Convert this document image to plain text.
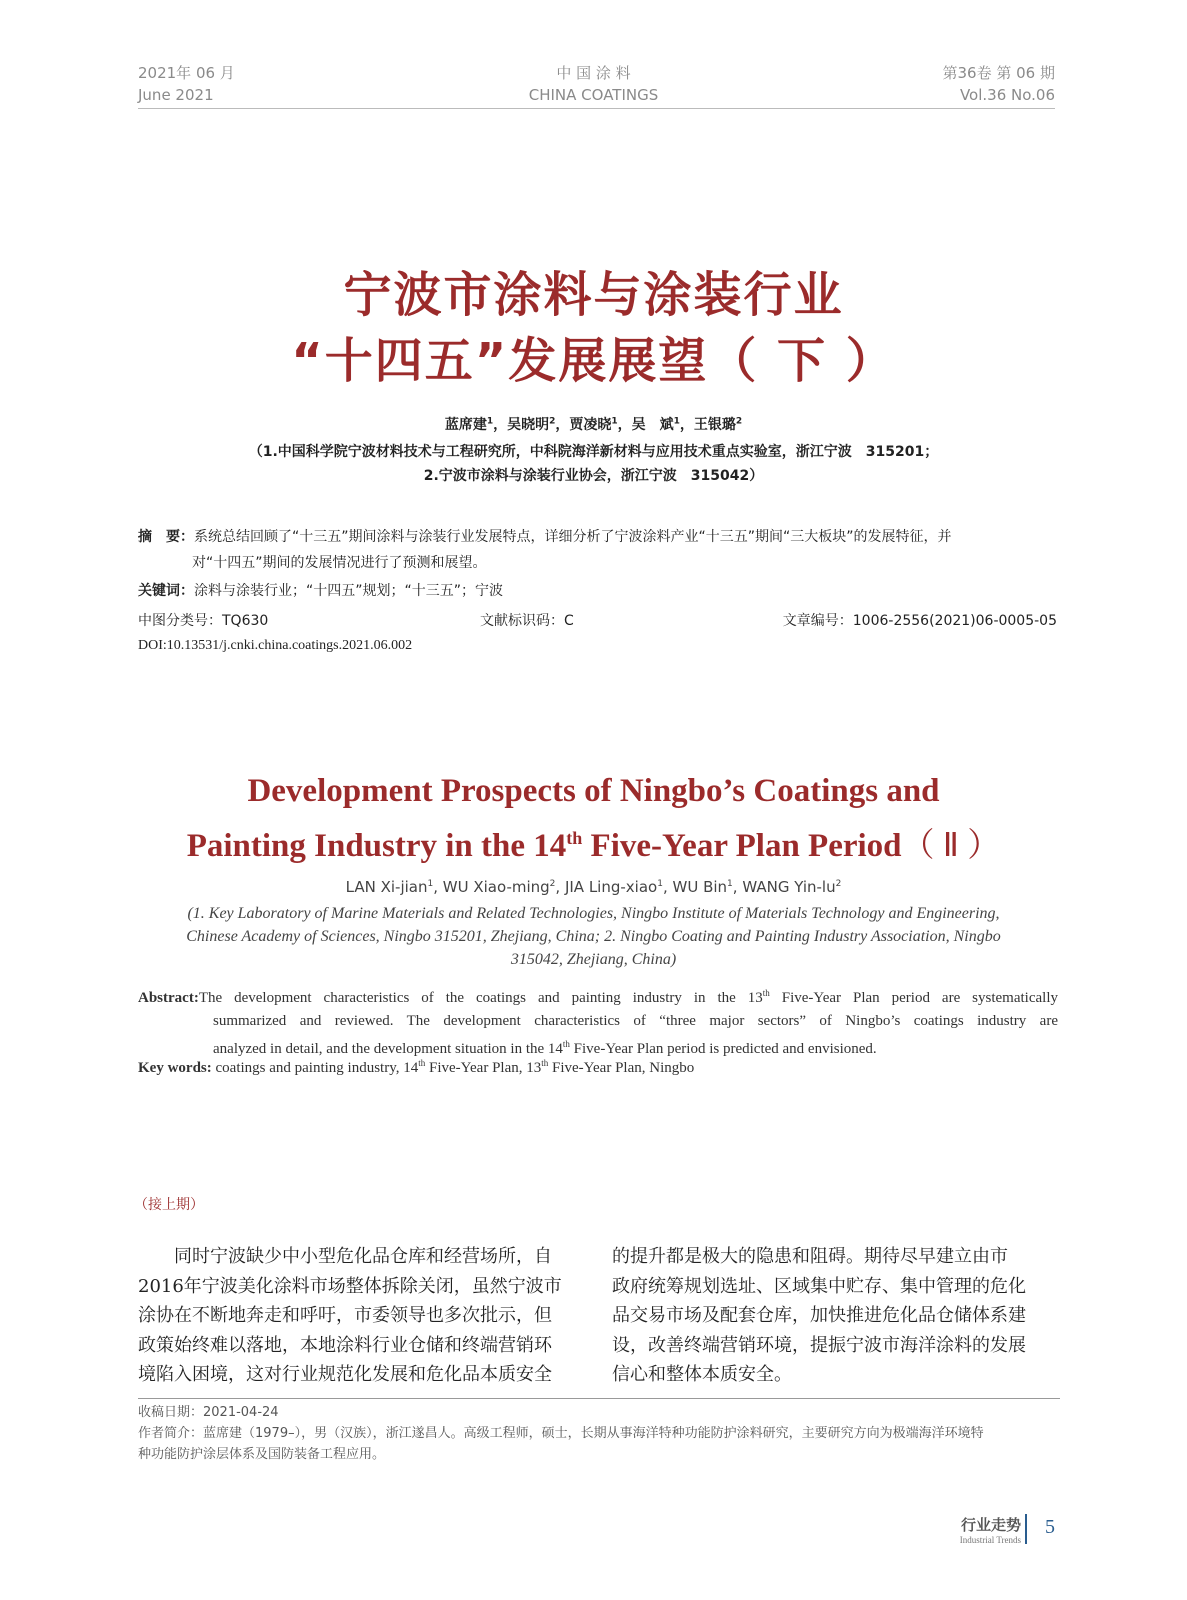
2021年 06 月
June 2021
中 国 涂 料
CHINA COATINGS
第36卷 第 06 期
Vol.36 No.06
宁波市涂料与涂装行业
“十四五”发展展望（ 下 ）
蓝席建$^1$，吴晓明$^2$，贾凌晓$^1$，吴　斌$^1$，王银璐$^2$
（1.中国科学院宁波材料技术与工程研究所，中科院海洋新材料与应用技术重点实验室，浙江宁波　315201；
2.宁波市涂料与涂装行业协会，浙江宁波　315042）
摘　要：系统总结回顾了“十三五”期间涂料与涂装行业发展特点，详细分析了宁波涂料产业“十三五”期间“三大板块”的发展特征，并
对“十四五”期间的发展情况进行了预测和展望。
关键词：涂料与涂装行业；“十四五”规划；“十三五”；宁波
中图分类号：TQ630	文献标识码：C	文章编号：1006-2556(2021)06-0005-05
DOI:10.13531/j.cnki.china.coatings.2021.06.002
Development Prospects of Ningbo’s Coatings and
Painting Industry in the 14th Five-Year Plan Period（ Ⅱ ）
LAN Xi-jian$^1$, WU Xiao-ming$^2$, JIA Ling-xiao$^1$, WU Bin$^1$, WANG Yin-$lu^2$
(1. Key Laboratory of Marine Materials and Related Technologies, Ningbo Institute of Materials Technology and Engineering,
Chinese Academy of Sciences, Ningbo 315201, Zhejiang, China; 2. Ningbo Coating and Painting Industry Association, Ningbo
315042, Zhejiang, China)
Abstract:The development characteristics of the coatings and painting industry in the 13th Five-Year Plan period are systematically
summarized and reviewed. The development characteristics of “three major sectors” of Ningbo’s coatings industry are
analyzed in detail, and the development situation in the 14th Five-Year Plan period is predicted and envisioned.
Key words: coatings and painting industry, 14th Five-Year Plan, 13th Five-Year Plan, Ningbo
（接上期）
　　同时宁波缺少中小型危化品仓库和经营场所，自
2016年宁波美化涂料市场整体拆除关闭，虽然宁波市
涂协在不断地奔走和呼吁，市委领导也多次批示，但
政策始终难以落地，本地涂料行业仓储和终端营销环
境陷入困境，这对行业规范化发展和危化品本质安全
的提升都是极大的隐患和阻碍。期待尽早建立由市
政府统筹规划选址、区域集中贮存、集中管理的危化
品交易市场及配套仓库，加快推进危化品仓储体系建
设，改善终端营销环境，提振宁波市海洋涂料的发展
信心和整体本质安全。
收稿日期：2021-04-24
作者简介：蓝席建（1979–），男（汉族），浙江遂昌人。高级工程师，硕士，长期从事海洋特种功能防护涂料研究，主要研究方向为极端海洋环境特
种功能防护涂层体系及国防装备工程应用。
行业走势
Industrial Trends
5
